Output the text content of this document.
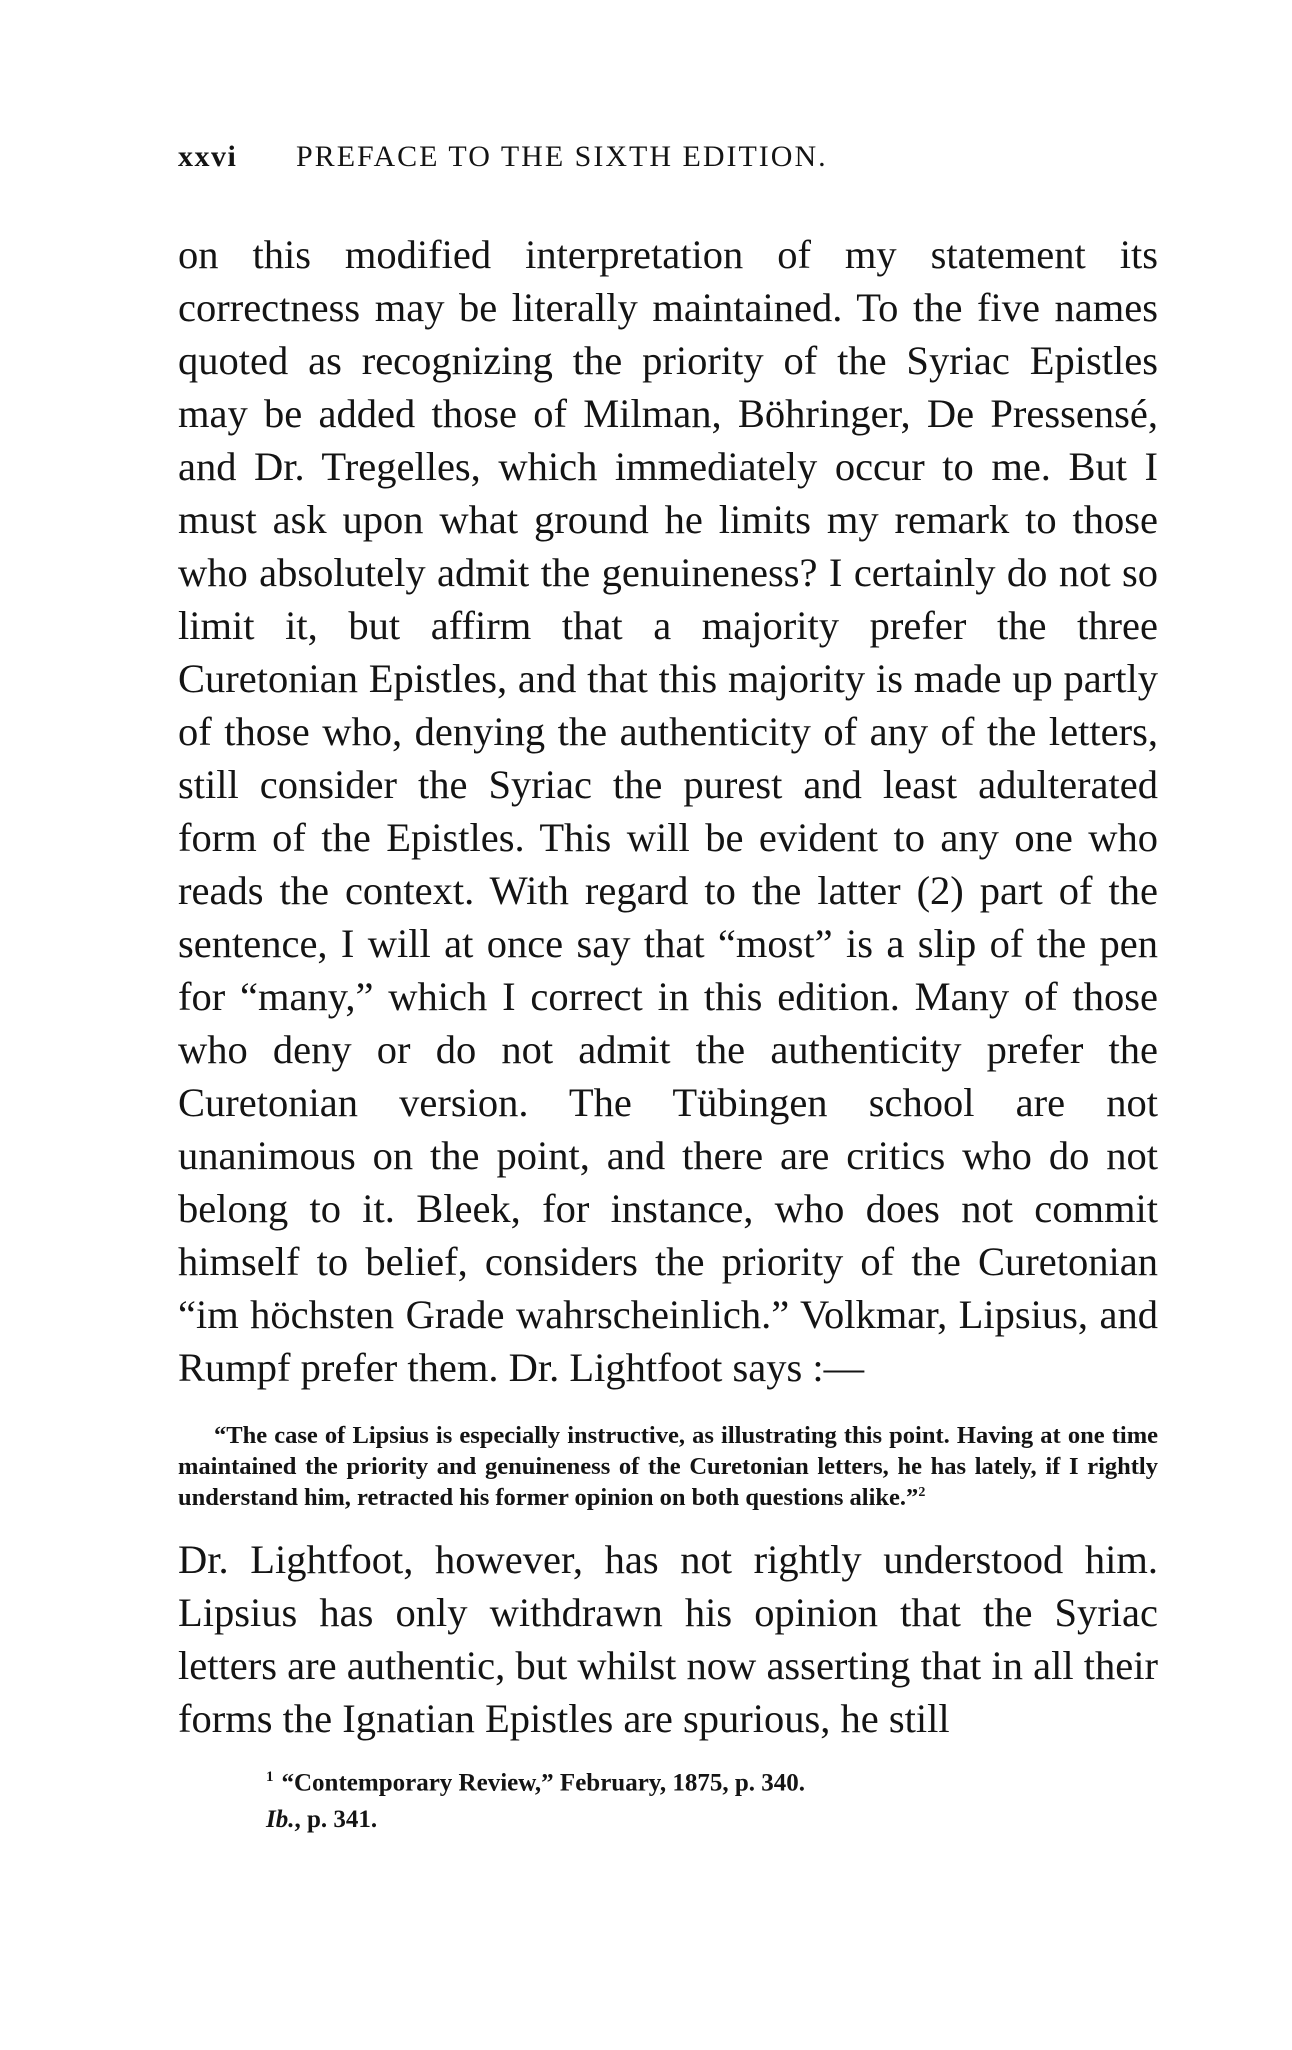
xxvi	PREFACE TO THE SIXTH EDITION.

on this modified interpretation of my statement its correctness may be literally maintained. To the five names quoted as recognizing the priority of the Syriac Epistles may be added those of Milman, Böhringer, De Pressensé, and Dr. Tregelles, which immediately occur to me. But I must ask upon what ground he limits my remark to those who absolutely admit the genuineness? I certainly do not so limit it, but affirm that a majority prefer the three Curetonian Epistles, and that this majority is made up partly of those who, denying the authenticity of any of the letters, still consider the Syriac the purest and least adulterated form of the Epistles. This will be evident to any one who reads the context. With regard to the latter (2) part of the sentence, I will at once say that “most” is a slip of the pen for “many,” which I correct in this edition. Many of those who deny or do not admit the authenticity prefer the Curetonian version. The Tübingen school are not unanimous on the point, and there are critics who do not belong to it. Bleek, for instance, who does not commit himself to belief, considers the priority of the Curetonian “im höchsten Grade wahrscheinlich.” Volkmar, Lipsius, and Rumpf prefer them. Dr. Lightfoot says :—

“The case of Lipsius is especially instructive, as illustrating this point. Having at one time maintained the priority and genuineness of the Curetonian letters, he has lately, if I rightly understand him, retracted his former opinion on both questions alike.”$^2$

Dr. Lightfoot, however, has not rightly understood him. Lipsius has only withdrawn his opinion that the Syriac letters are authentic, but whilst now asserting that in all their forms the Ignatian Epistles are spurious, he still

$^1$ “Contemporary Review,” February, 1875, p. 340.
Ib., p. 341.
